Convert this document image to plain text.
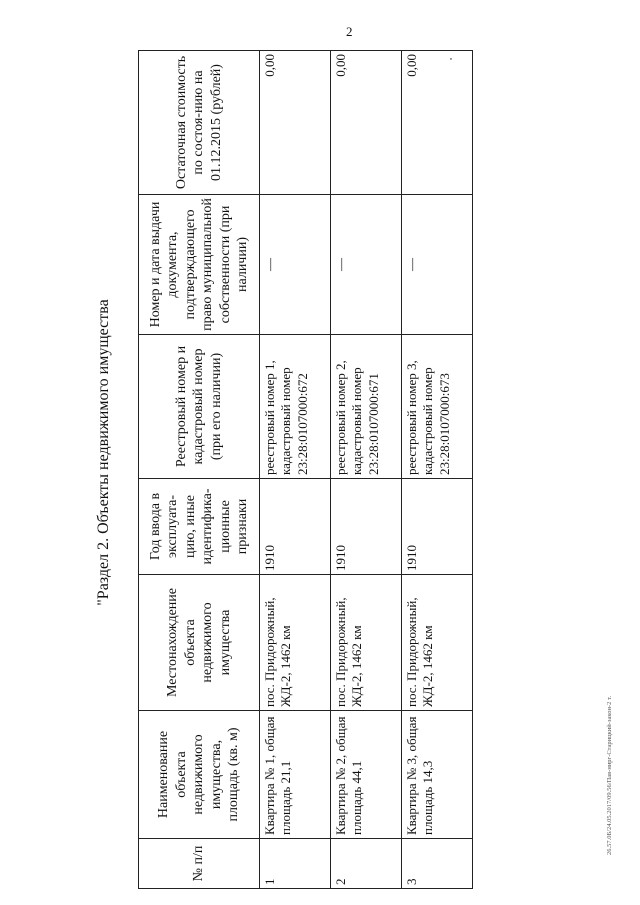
2
٠
"Раздел 2. Объекты недвижимого имущества
№ п/п	Наименование объекта недвижимого имущества, площадь (кв. м)	Местонахождение объекта недвижимого имущества	Год ввода в эксплуата-цию, иные идентифика-ционные признаки	Реестровый номер и кадастровый номер (при его наличии)	Номер и дата выдачи документа, подтверждающего право муниципальной собственности (при наличии)	Остаточная стоимость по состоя-нию на 01.12.2015 (рублей)
1	Квартира № 1, общая площадь 21,1	пос. Придорожный, ЖД-2, 1462 км	1910	реестровый номер 1, кадастровый номер 23:28:0107000:672	—	0,00
2	Квартира № 2, общая площадь 44,1	пос. Придорожный, ЖД-2, 1462 км	1910	реестровый номер 2, кадастровый номер 23:28:0107000:671	—	0,00
3	Квартира № 3, общая площадь 14,3	пос. Придорожный, ЖД-2, 1462 км	1910	реестровый номер 3, кадастровый номер 23:28:0107000:673	—	0,00
26.57.0Б/24.05.2017/09.56/Пав-нирг-Старицкий-закон-2 т.
